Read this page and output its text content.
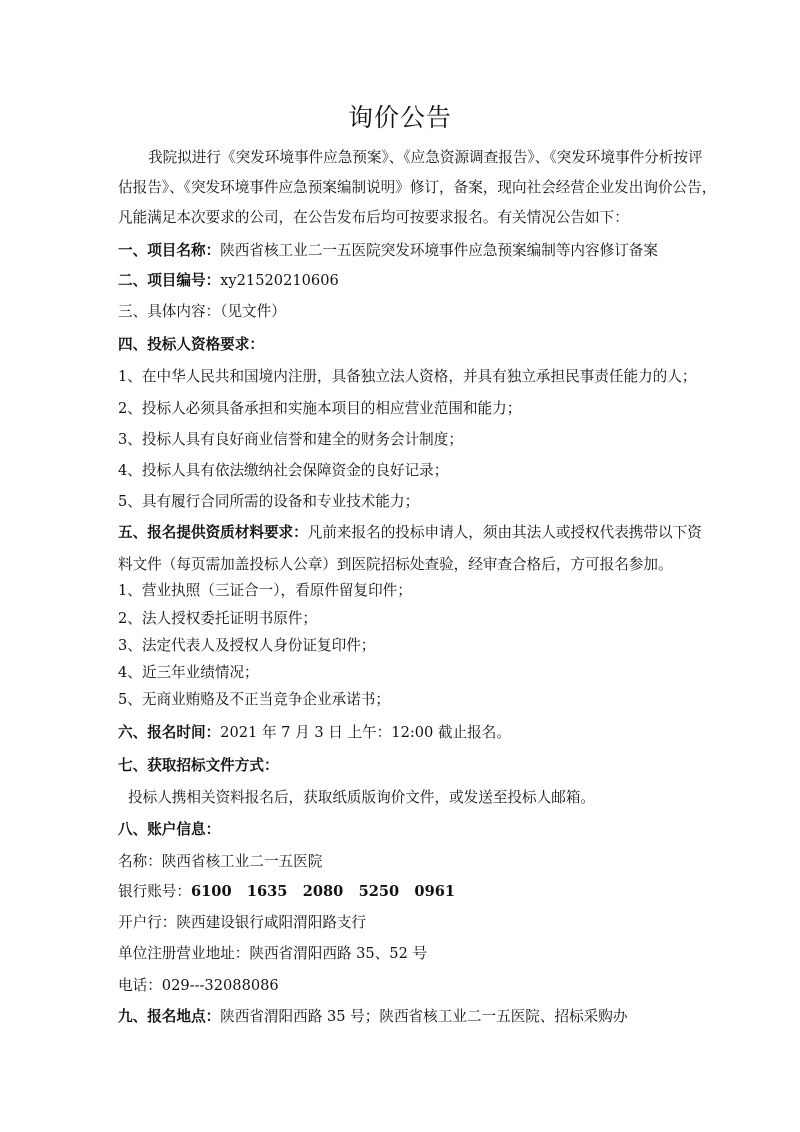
询价公告
我院拟进行《突发环境事件应急预案》、《应急资源调查报告》、《突发环境事件分析按评
估报告》、《突发环境事件应急预案编制说明》修订，备案，现向社会经营企业发出询价公告，
凡能满足本次要求的公司，在公告发布后均可按要求报名。有关情况公告如下：
一、项目名称：陕西省核工业二一五医院突发环境事件应急预案编制等内容修订备案
二、项目编号：xy21520210606
三、具体内容：（见文件）
四、投标人资格要求：
1、在中华人民共和国境内注册，具备独立法人资格，并具有独立承担民事责任能力的人；
2、投标人必须具备承担和实施本项目的相应营业范围和能力；
3、投标人具有良好商业信誉和建全的财务会计制度；
4、投标人具有依法缴纳社会保障资金的良好记录；
5、具有履行合同所需的设备和专业技术能力；
五、报名提供资质材料要求：凡前来报名的投标申请人，须由其法人或授权代表携带以下资
料文件（每页需加盖投标人公章）到医院招标处查验，经审查合格后，方可报名参加。
1、营业执照（三证合一），看原件留复印件；
2、法人授权委托证明书原件；
3、法定代表人及授权人身份证复印件；
4、近三年业绩情况；
5、无商业贿赂及不正当竞争企业承诺书；
六、报名时间：2021 年 7 月 3 日 上午：12:00 截止报名。
七、获取招标文件方式：
投标人携相关资料报名后，获取纸质版询价文件，或发送至投标人邮箱。
八、账户信息：
名称：陕西省核工业二一五医院
银行账号：6100   1635   2080   5250   0961
开户行：陕西建设银行咸阳渭阳路支行
单位注册营业地址：陕西省渭阳西路 35、52 号
电话：029---32088086
九、报名地点：陕西省渭阳西路 35 号；陕西省核工业二一五医院、招标采购办
